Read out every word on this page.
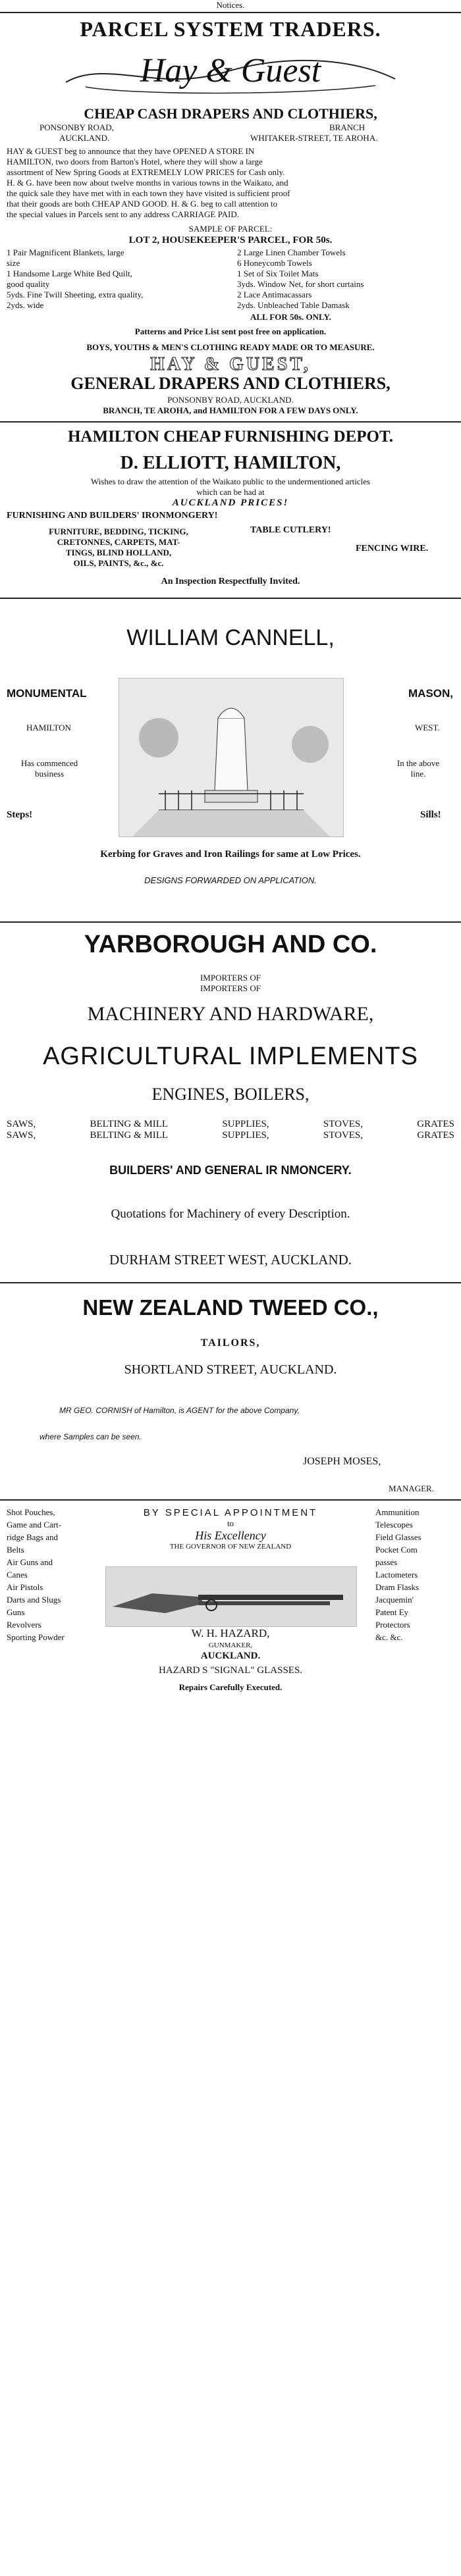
Notices.
PARCEL SYSTEM TRADERS.
Hay & Guest
CHEAP CASH DRAPERS AND CLOTHIERS,
PONSONBY ROAD,
AUCKLAND.
BRANCH
WHITAKER-STREET, TE AROHA.
HAY & GUEST beg to announce that they have OPENED A STORE IN
HAMILTON, two doors from Barton's Hotel, where they will show a large
assortment of New Spring Goods at EXTREMELY LOW PRICES for Cash only.
H. & G. have been now about twelve months in various towns in the Waikato, and
the quick sale they have met with in each town they have visited is sufficient proof
that their goods are both CHEAP AND GOOD. H. & G. beg to call attention to
the special values in Parcels sent to any address CARRIAGE PAID.
SAMPLE OF PARCEL:
LOT 2, HOUSEKEEPER'S PARCEL, FOR 50s.
1 Pair Magnificent Blankets, large
size
1 Handsome Large White Bed Quilt,
good quality
5yds. Fine Twill Sheeting, extra quality,
2yds. wide
2 Large Linen Chamber Towels
6 Honeycomb Towels
1 Set of Six Toilet Mats
3yds. Window Net, for short curtains
2 Lace Antimacassars
2yds. Unbleached Table Damask
ALL FOR 50s. ONLY.
Patterns and Price List sent post free on application.
BOYS, YOUTHS & MEN'S CLOTHING READY MADE OR TO MEASURE.
HAY & GUEST,
GENERAL DRAPERS AND CLOTHIERS,
PONSONBY ROAD, AUCKLAND.
BRANCH, TE AROHA, and HAMILTON FOR A FEW DAYS ONLY.
HAMILTON CHEAP FURNISHING DEPOT.
D. ELLIOTT, HAMILTON,
Wishes to draw the attention of the Waikato public to the undermentioned articles
which can be had at
AUCKLAND PRICES!
FURNISHING AND BUILDERS' IRONMONGERY!
FURNITURE, BEDDING, TICKING,
CRETONNES, CARPETS, MAT-
TINGS, BLIND HOLLAND,
OILS, PAINTS, &c., &c.
TABLE CUTLERY!
FENCING WIRE.
An Inspection Respectfully Invited.
WILLIAM CANNELL,
MONUMENTAL	MASON,
HAMILTON	WEST.
Has commenced
business
In the above
line.
Steps!	Sills!
Kerbing for Graves and Iron Railings for same at Low Prices.
DESIGNS FORWARDED ON APPLICATION.
YARBOROUGH AND CO.
IMPORTERS OF
IMPORTERS OF
MACHINERY AND HARDWARE,
AGRICULTURAL IMPLEMENTS
ENGINES, BOILERS,
SAWS,
SAWS,
BELTING & MILL
BELTING & MILL
SUPPLIES,
SUPPLIES,
STOVES,
STOVES,
GRATES
GRATES
BUILDERS' AND GENERAL IR NMONCERY.
Quotations for Machinery of every Description.
DURHAM STREET WEST, AUCKLAND.
NEW ZEALAND TWEED CO.,
TAILORS,
SHORTLAND STREET, AUCKLAND.
MR GEO. CORNISH of Hamilton, is AGENT for the above Company,
where Samples can be seen.
JOSEPH MOSES,
MANAGER.
Shot Pouches,
Game and Cart-
ridge Bags and
Belts
Air Guns and
Canes
Air Pistols
Darts and Slugs
Guns
Revolvers
Sporting Powder
Ammunition
Telescopes
Field Glasses
Pocket Com
passes
Lactometers
Dram Flasks
Jacquemin'
Patent Ey
Protectors
&c. &c.
BY SPECIAL APPOINTMENT
to
His Excellency
THE GOVERNOR OF NEW ZEALAND
W. H. HAZARD,
GUNMAKER,
AUCKLAND.
HAZARD S "SIGNAL" GLASSES.
Repairs Carefully Executed.
